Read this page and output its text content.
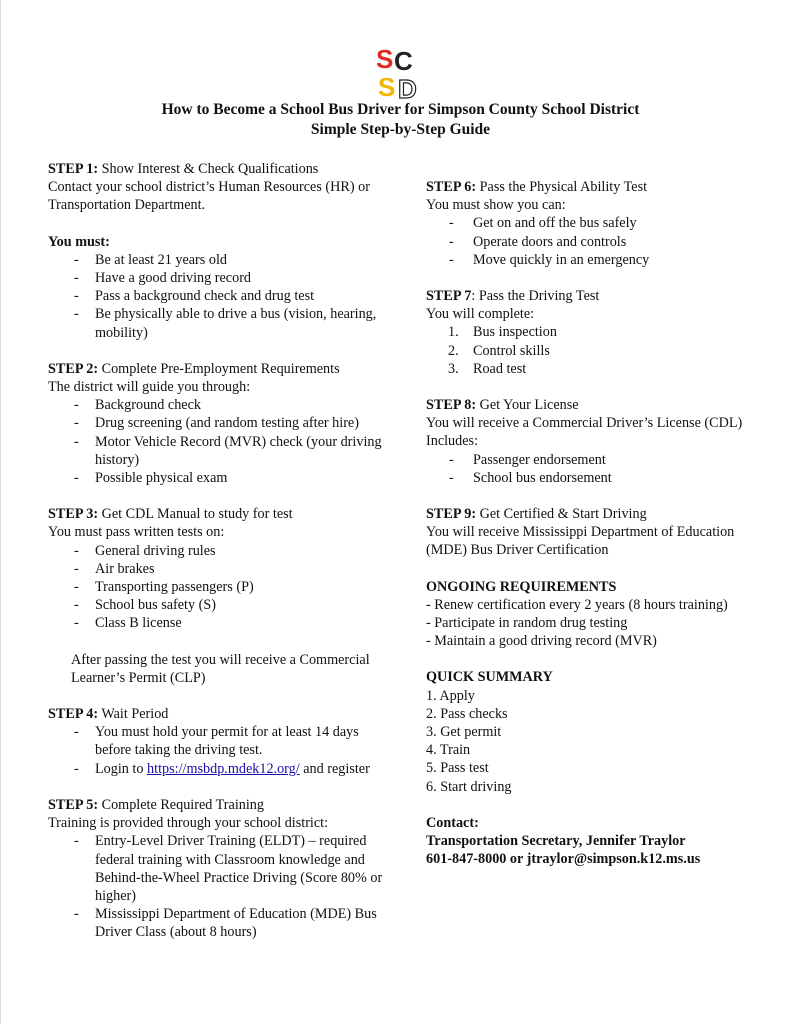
S C
S D
How to Become a School Bus Driver for Simpson County School District
Simple Step-by-Step Guide
STEP 1: Show Interest & Check Qualifications
Contact your school district’s Human Resources (HR) or Transportation Department.
You must:
- Be at least 21 years old
- Have a good driving record
- Pass a background check and drug test
- Be physically able to drive a bus (vision, hearing, mobility)
STEP 2: Complete Pre-Employment Requirements
The district will guide you through:
- Background check
- Drug screening (and random testing after hire)
- Motor Vehicle Record (MVR) check (your driving history)
- Possible physical exam
STEP 3: Get CDL Manual to study for test
You must pass written tests on:
- General driving rules
- Air brakes
- Transporting passengers (P)
- School bus safety (S)
- Class B license
After passing the test you will receive a Commercial Learner’s Permit (CLP)
STEP 4: Wait Period
- You must hold your permit for at least 14 days before taking the driving test.
- Login to https://msbdp.mdek12.org/ and register
STEP 5: Complete Required Training
Training is provided through your school district:
- Entry-Level Driver Training (ELDT) – required federal training with Classroom knowledge and Behind-the-Wheel Practice Driving (Score 80% or higher)
- Mississippi Department of Education (MDE) Bus Driver Class (about 8 hours)
STEP 6: Pass the Physical Ability Test
You must show you can:
- Get on and off the bus safely
- Operate doors and controls
- Move quickly in an emergency
STEP 7: Pass the Driving Test
You will complete:
1. Bus inspection
2. Control skills
3. Road test
STEP 8: Get Your License
You will receive a Commercial Driver’s License (CDL)
Includes:
- Passenger endorsement
- School bus endorsement
STEP 9: Get Certified & Start Driving
You will receive Mississippi Department of Education (MDE) Bus Driver Certification
ONGOING REQUIREMENTS
- Renew certification every 2 years (8 hours training)
- Participate in random drug testing
- Maintain a good driving record (MVR)
QUICK SUMMARY
1. Apply
2. Pass checks
3. Get permit
4. Train
5. Pass test
6. Start driving
Contact:
Transportation Secretary, Jennifer Traylor
601-847-8000 or jtraylor@simpson.k12.ms.us
